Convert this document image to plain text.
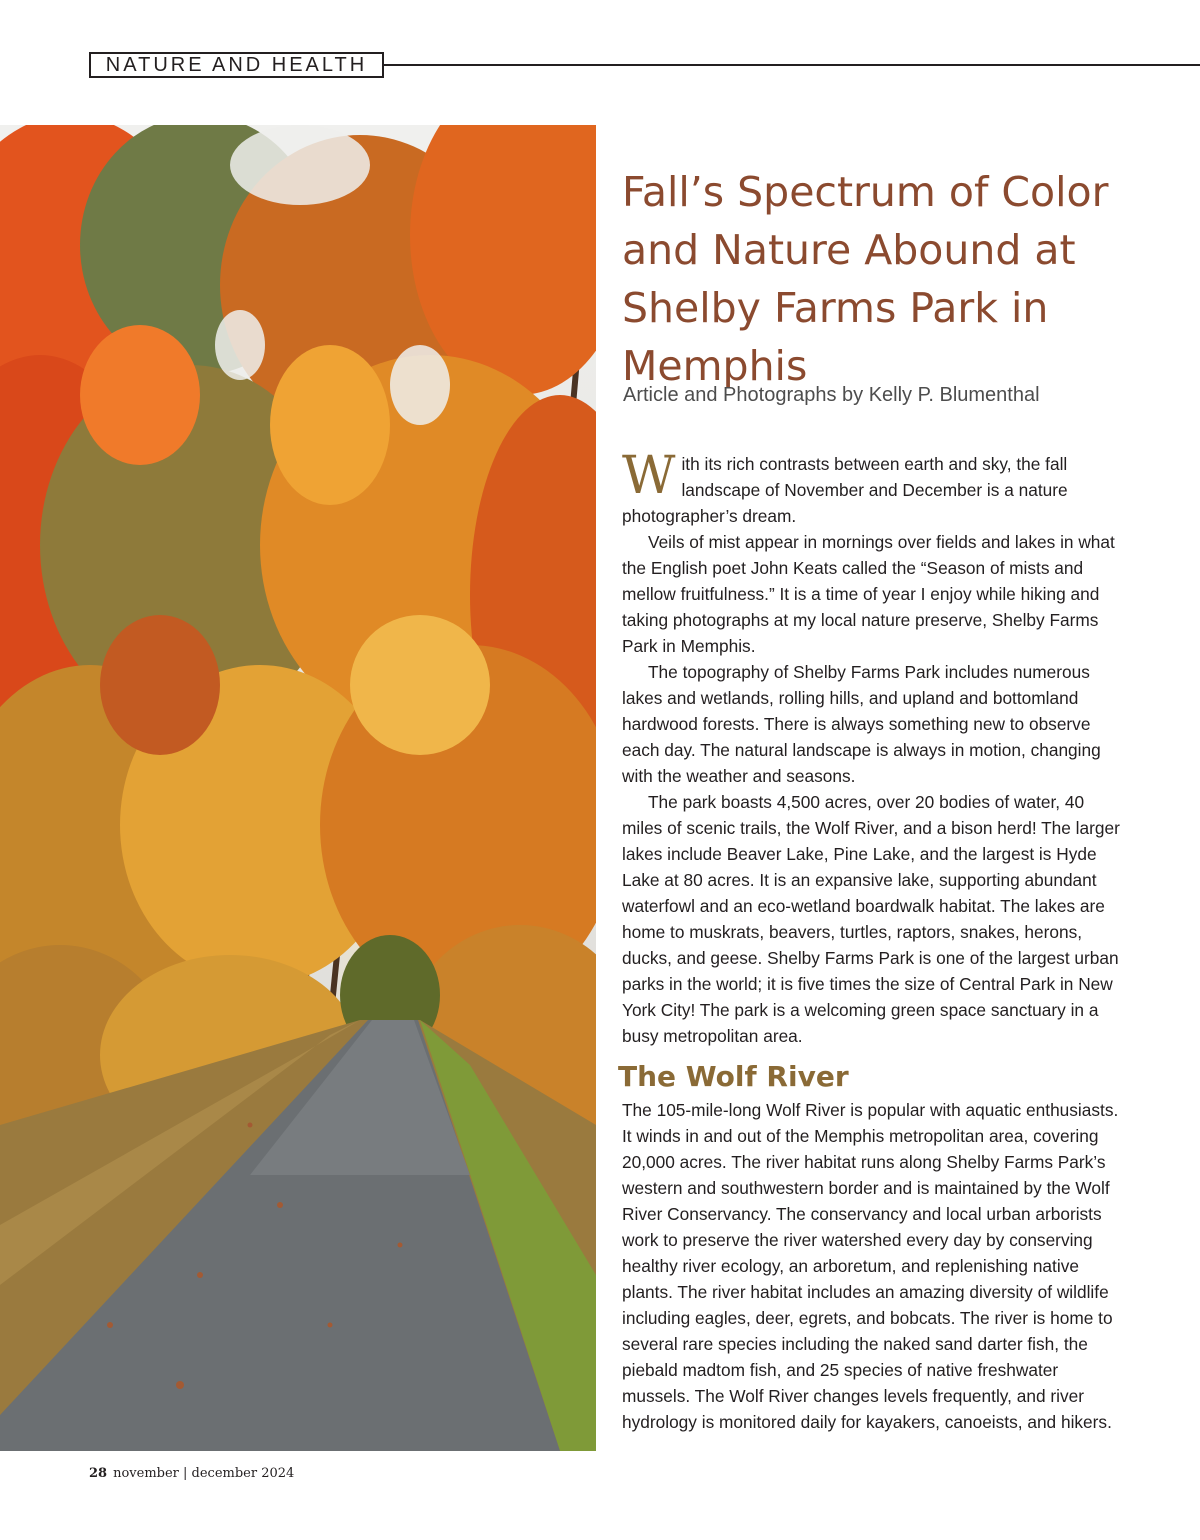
NATURE AND HEALTH
Fall’s Spectrum of Color and Nature Abound at Shelby Farms Park in Memphis
Article and Photographs by Kelly P. Blumenthal

With its rich contrasts between earth and sky, the fall landscape of November and December is a nature photographer’s dream.

Veils of mist appear in mornings over fields and lakes in what the English poet John Keats called the “Season of mists and mellow fruitfulness.” It is a time of year I enjoy while hiking and taking photographs at my local nature preserve, Shelby Farms Park in Memphis.

The topography of Shelby Farms Park includes numerous lakes and wetlands, rolling hills, and upland and bottomland hardwood forests. There is always something new to observe each day. The natural landscape is always in motion, changing with the weather and seasons.

The park boasts 4,500 acres, over 20 bodies of water, 40 miles of scenic trails, the Wolf River, and a bison herd! The larger lakes include Beaver Lake, Pine Lake, and the largest is Hyde Lake at 80 acres. It is an expansive lake, supporting abundant waterfowl and an eco-wetland boardwalk habitat. The lakes are home to muskrats, beavers, turtles, raptors, snakes, herons, ducks, and geese. Shelby Farms Park is one of the largest urban parks in the world; it is five times the size of Central Park in New York City! The park is a welcoming green space sanctuary in a busy metropolitan area.

The Wolf River

The 105-mile-long Wolf River is popular with aquatic enthusiasts. It winds in and out of the Memphis metropolitan area, covering 20,000 acres. The river habitat runs along Shelby Farms Park’s western and southwestern border and is maintained by the Wolf River Conservancy. The conservancy and local urban arborists work to preserve the river watershed every day by conserving healthy river ecology, an arboretum, and replenishing native plants. The river habitat includes an amazing diversity of wildlife including eagles, deer, egrets, and bobcats. The river is home to several rare species including the naked sand darter fish, the piebald madtom fish, and 25 species of native freshwater mussels. The Wolf River changes levels frequently, and river hydrology is monitored daily for kayakers, canoeists, and hikers.

28 november | december 2024
